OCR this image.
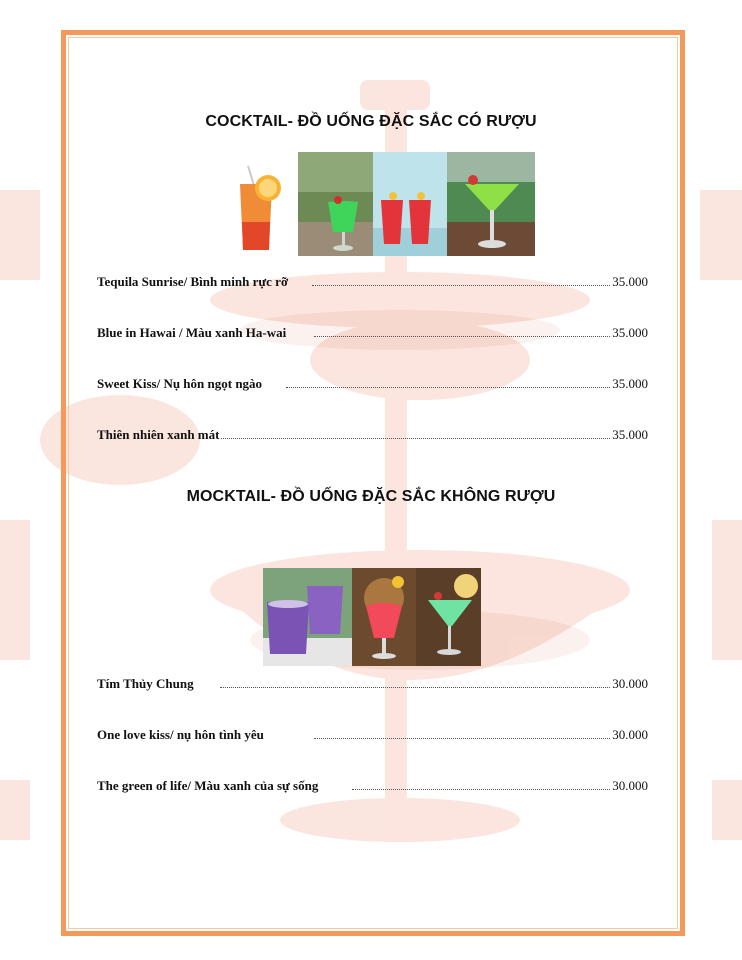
COCKTAIL- ĐỒ UỐNG ĐẶC SẮC CÓ RƯỢU
Tequila Sunrise/ Bình minh rực rỡ	35.000
Blue in Hawai / Màu xanh Ha-wai	35.000
Sweet Kiss/ Nụ hôn ngọt ngào	35.000
Thiên nhiên xanh mát	35.000
MOCKTAIL- ĐỒ UỐNG ĐẶC SẮC KHÔNG RƯỢU
Tím Thủy Chung	30.000
One love kiss/ nụ hôn tình yêu	30.000
The green of life/ Màu xanh của sự sống	30.000
